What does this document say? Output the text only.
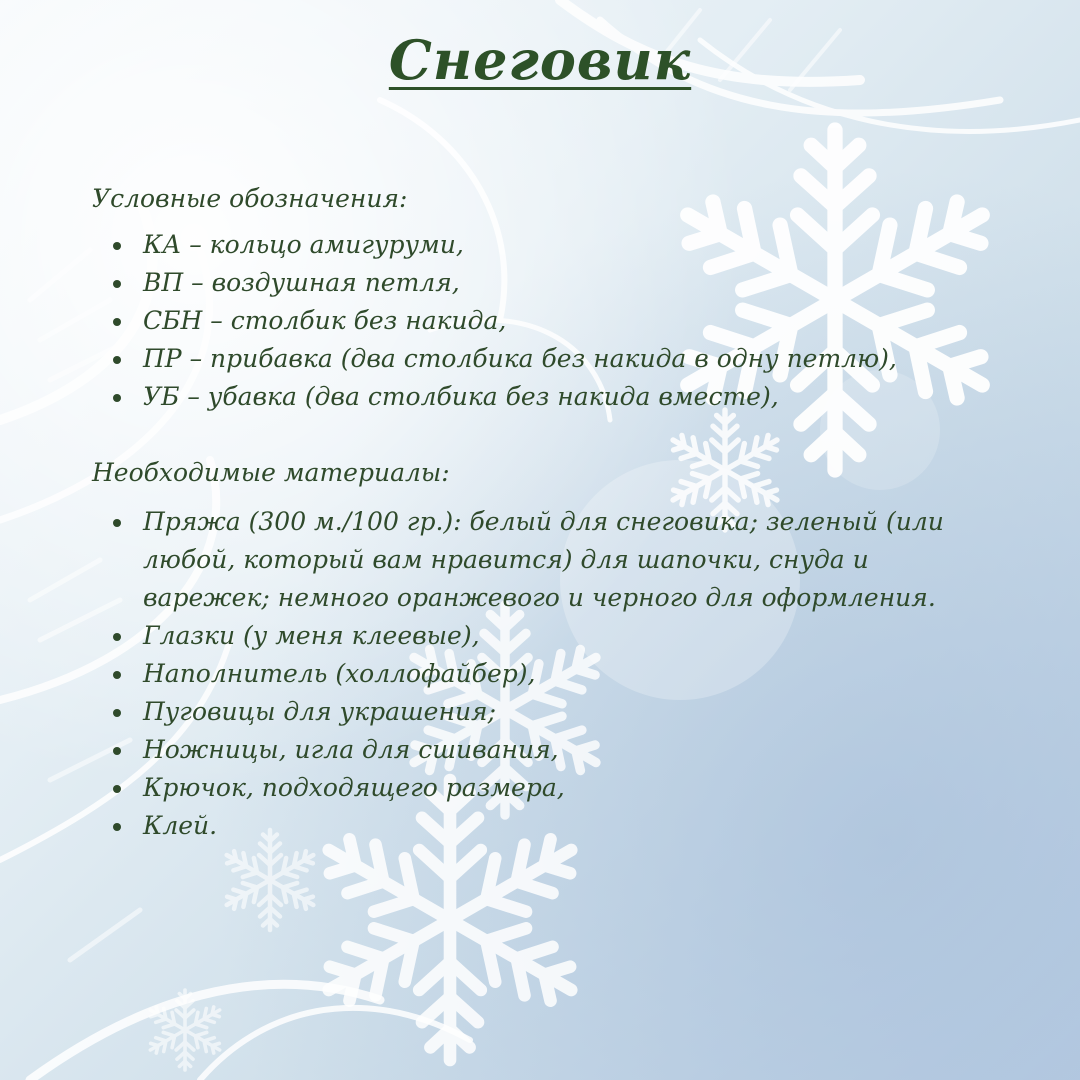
Снеговик
Условные обозначения:
КА – кольцо амигуруми,
ВП – воздушная петля,
СБН – столбик без накида,
ПР – прибавка (два столбика без накида в одну петлю),
УБ – убавка (два столбика без накида вместе),
Необходимые материалы:
Пряжа (300 м./100 гр.): белый для снеговика; зеленый (или любой, который вам нравится) для шапочки, снуда и варежек; немного оранжевого и черного для оформления.
Глазки (у меня клеевые),
Наполнитель (холлофайбер),
Пуговицы для украшения;
Ножницы, игла для сшивания,
Крючок, подходящего размера,
Клей.
